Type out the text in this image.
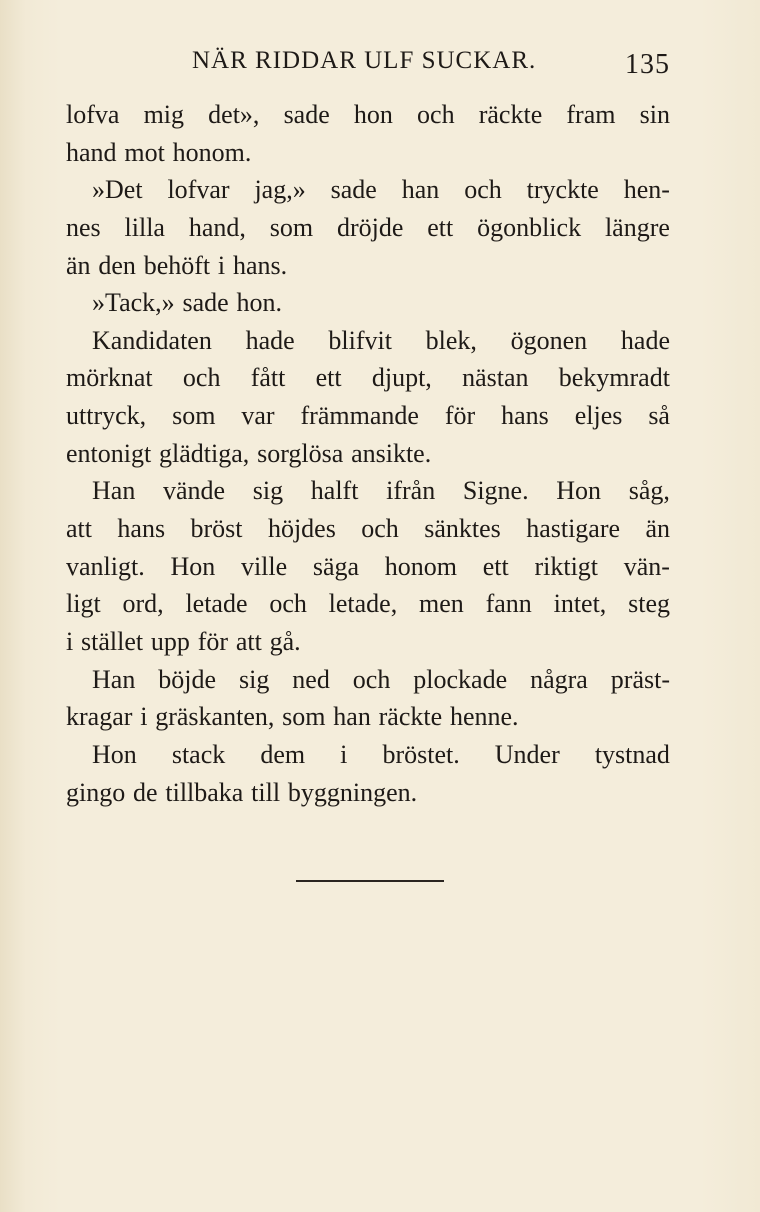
NÄR RIDDAR ULF SUCKAR.	135
lofva mig det», sade hon och räckte fram sin
hand mot honom.
»Det lofvar jag,» sade han och tryckte hen-
nes lilla hand, som dröjde ett ögonblick längre
än den behöft i hans.
»Tack,» sade hon.
Kandidaten hade blifvit blek, ögonen hade
mörknat och fått ett djupt, nästan bekymradt
uttryck, som var främmande för hans eljes så
entonigt glädtiga, sorglösa ansikte.
Han vände sig halft ifrån Signe. Hon såg,
att hans bröst höjdes och sänktes hastigare än
vanligt. Hon ville säga honom ett riktigt vän-
ligt ord, letade och letade, men fann intet, steg
i stället upp för att gå.
Han böjde sig ned och plockade några präst-
kragar i gräskanten, som han räckte henne.
Hon stack dem i bröstet. Under tystnad
gingo de tillbaka till byggningen.
